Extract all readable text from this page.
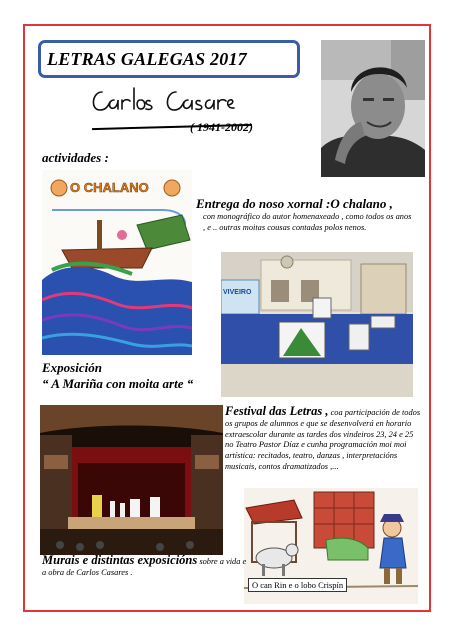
LETRAS GALEGAS 2017
( 1941-2002)
actividades :
O CHALANO
Entrega do noso xornal :O chalano ,
con monográfico do autor homenaxeado , como todos os anos , e .. outras moitas cousas contadas polos nenos.
VIVEIRO
Exposición
“ A Mariña con moita arte “
Festival das Letras , coa participación de todos os grupos de alumnos e que se desenvolverá en horario extraescolar durante as tardes dos vindeiros 23, 24 e 25 no Teatro Pastor Díaz e cunha programación moi moi artística: recitados, teatro, danzas , interpretacións musicais, contos dramatizados ,...
Murais e distintas exposicións sobre a vida e a obra de Carlos Casares .
O can Rin e o lobo Crispín
